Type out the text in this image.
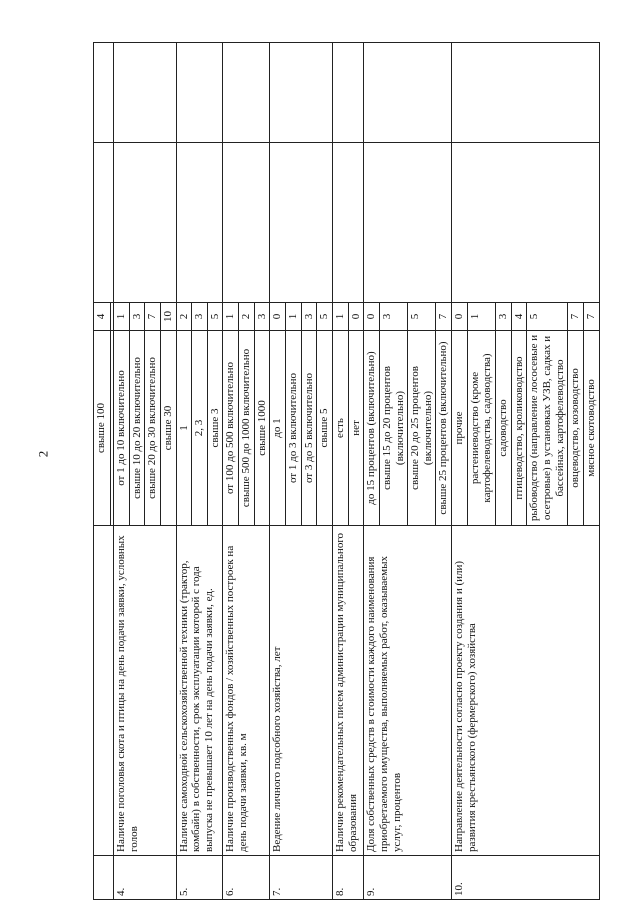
2
		свыше 100	4		

4.	Наличие поголовья скота и птицы на день подачи заявки, условных голов	от 1 до 10 включительно	1		
		свыше 10 до 20 включительно	3		
		свыше 20 до 30 включительно	7		
		свыше 30	10		
5.	Наличие самоходной сельскохозяйственной техники (трактор, комбайн) в собственности, срок эксплуатации которой с года выпуска не превышает 10 лет на день подачи заявки, ед.	1	2		
		2, 3	3		
		свыше 3	5		
6.	Наличие производственных фондов / хозяйственных построек на день подачи заявки, кв. м	от 100 до 500 включительно	1		
		свыше 500 до 1000 включительно	2		
		свыше 1000	3		
7.	Ведение личного подсобного хозяйства, лет	до 1	0		
		от 1 до 3 включительно	1		
		от 3 до 5 включительно	3		
		свыше 5	5		
8.	Наличие рекомендательных писем администрации муниципального образования	есть	1		
		нет	0		
9.	Доля собственных средств в стоимости каждого наименования приобретаемого имущества, выполняемых работ, оказываемых услуг, процентов	до 15 процентов (включительно)	0		
		свыше 15 до 20 процентов (включительно)	3		
		свыше 20 до 25 процентов (включительно)	5		
		свыше 25 процентов (включительно)	7		
10.	Направление деятельности согласно проекту создания и (или) развития крестьянского (фермерского) хозяйства	прочие	0		
		растениеводство (кроме картофелеводства, садоводства)	1		
		садоводство	3		
		птицеводство, кролиководство	4		
		рыбоводство (направление лососевые и осетровые) в установках УЗВ, садках и бассейнах, картофелеводство	5		
		овцеводство, козоводство	7		
		мясное скотоводство	7		
